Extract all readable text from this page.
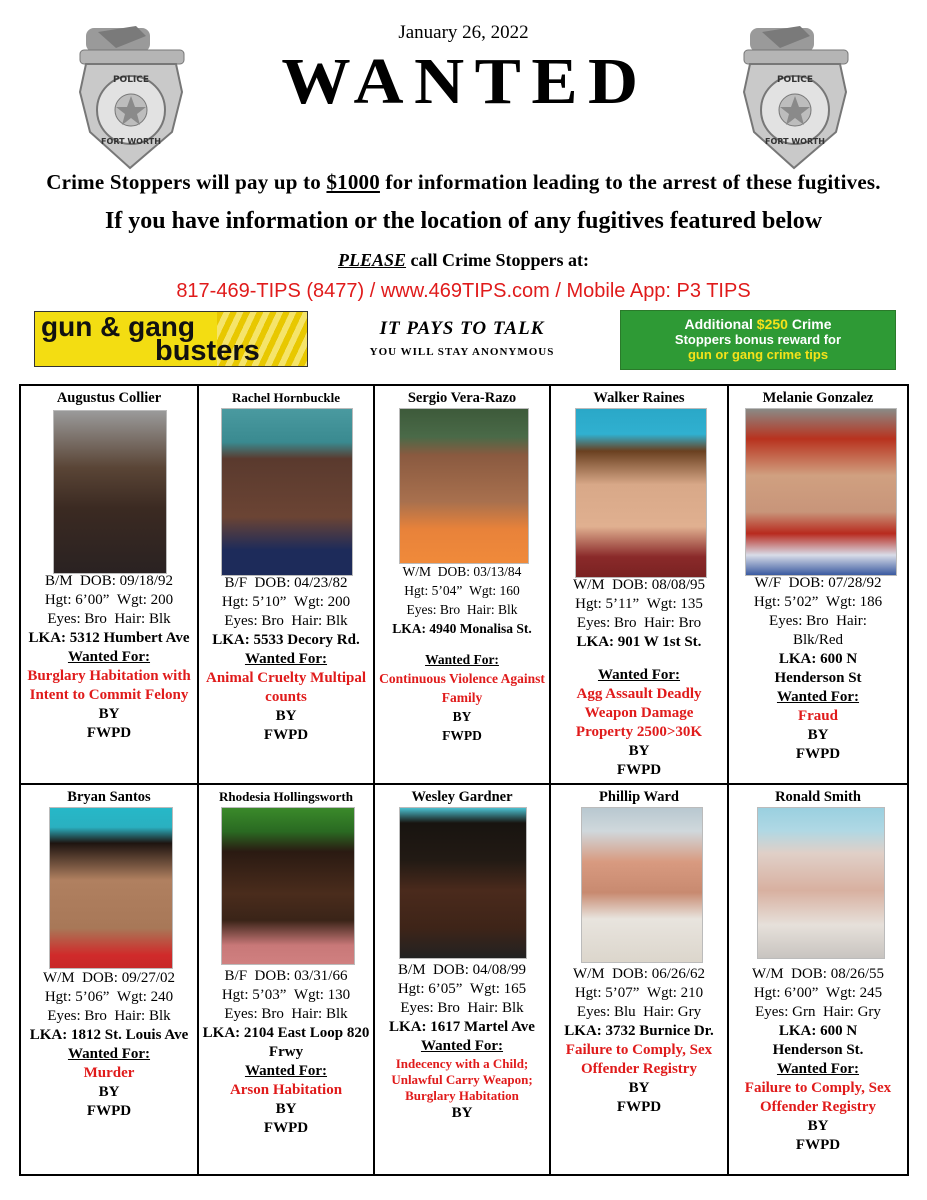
January 26, 2022
POLICE
FORT WORTH
POLICE
FORT WORTH
WANTED
Crime Stoppers will pay up to $1000 for information leading to the arrest of these fugitives.
If you have information or the location of any fugitives featured below
PLEASE call Crime Stoppers at:
817-469-TIPS (8477) / www.469TIPS.com / Mobile App: P3 TIPS
gun & gang
busters
IT PAYS TO TALK
YOU WILL STAY ANONYMOUS
Additional $250 Crime
Stoppers bonus reward for
gun or gang crime tips
Augustus Collier
B/M DOB: 09/18/92
Hgt: 6’00” Wgt: 200
Eyes: Bro Hair: Blk
LKA: 5312 Humbert Ave
Wanted For:
Burglary Habitation with Intent to Commit Felony
BY
FWPD
Rachel Hornbuckle
B/F DOB: 04/23/82
Hgt: 5’10” Wgt: 200
Eyes: Bro Hair: Blk
LKA: 5533 Decory Rd.
Wanted For:
Animal Cruelty Multipal counts
BY
FWPD
Sergio Vera-Razo
W/M DOB: 03/13/84
Hgt: 5’04” Wgt: 160
Eyes: Bro Hair: Blk
LKA: 4940 Monalisa St.
Wanted For:
Continuous Violence Against Family
BY
FWPD
Walker Raines
W/M DOB: 08/08/95
Hgt: 5’11” Wgt: 135
Eyes: Bro Hair: Bro
LKA: 901 W 1st St.
Wanted For:
Agg Assault Deadly Weapon Damage Property 2500>30K
BY
FWPD
Melanie Gonzalez
W/F DOB: 07/28/92
Hgt: 5’02” Wgt: 186
Eyes: Bro Hair: Blk/Red
LKA: 600 N Henderson St
Wanted For:
Fraud
BY
FWPD
Bryan Santos
W/M DOB: 09/27/02
Hgt: 5’06” Wgt: 240
Eyes: Bro Hair: Blk
LKA: 1812 St. Louis Ave
Wanted For:
Murder
BY
FWPD
Rhodesia Hollingsworth
B/F DOB: 03/31/66
Hgt: 5’03” Wgt: 130
Eyes: Bro Hair: Blk
LKA: 2104 East Loop 820 Frwy
Wanted For:
Arson Habitation
BY
FWPD
Wesley Gardner
B/M DOB: 04/08/99
Hgt: 6’05” Wgt: 165
Eyes: Bro Hair: Blk
LKA: 1617 Martel Ave
Wanted For:
Indecency with a Child; Unlawful Carry Weapon; Burglary Habitation
BY
Phillip Ward
W/M DOB: 06/26/62
Hgt: 5’07” Wgt: 210
Eyes: Blu Hair: Gry
LKA: 3732 Burnice Dr.
Failure to Comply, Sex Offender Registry
BY
FWPD
Ronald Smith
W/M DOB: 08/26/55
Hgt: 6’00” Wgt: 245
Eyes: Grn Hair: Gry
LKA: 600 N Henderson St.
Wanted For:
Failure to Comply, Sex Offender Registry
BY
FWPD
